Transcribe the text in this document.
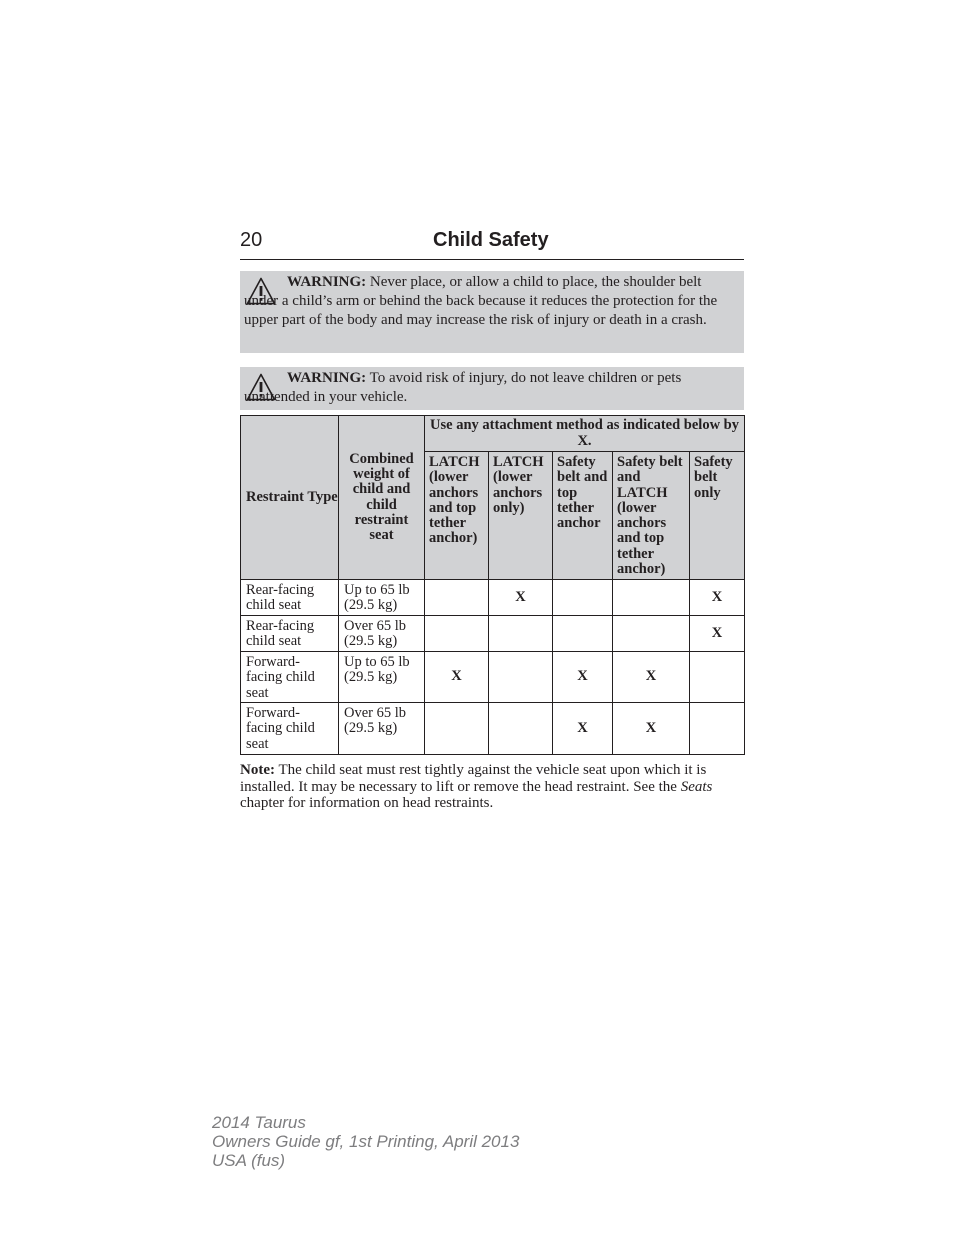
20	Child Safety
WARNING: Never place, or allow a child to place, the shoulder belt under a child’s arm or behind the back because it reduces the protection for the upper part of the body and may increase the risk of injury or death in a crash.
WARNING: To avoid risk of injury, do not leave children or pets unattended in your vehicle.
Restraint Type	Combined weight of child and child restraint seat	Use any attachment method as indicated below by X.				
		LATCH (lower anchors and top tether anchor)	LATCH (lower anchors only)	Safety belt and top tether anchor	Safety belt and LATCH (lower anchors and top tether anchor)	Safety belt only
Rear-facing child seat	Up to 65 lb (29.5 kg)		X			X
Rear-facing child seat	Over 65 lb (29.5 kg)					X
Forward-facing child seat	Up to 65 lb (29.5 kg)	X		X	X	
Forward-facing child seat	Over 65 lb (29.5 kg)			X	X	
Note: The child seat must rest tightly against the vehicle seat upon which it is installed. It may be necessary to lift or remove the head restraint. See the Seats chapter for information on head restraints.
2014 Taurus
Owners Guide gf, 1st Printing, April 2013
USA (fus)
